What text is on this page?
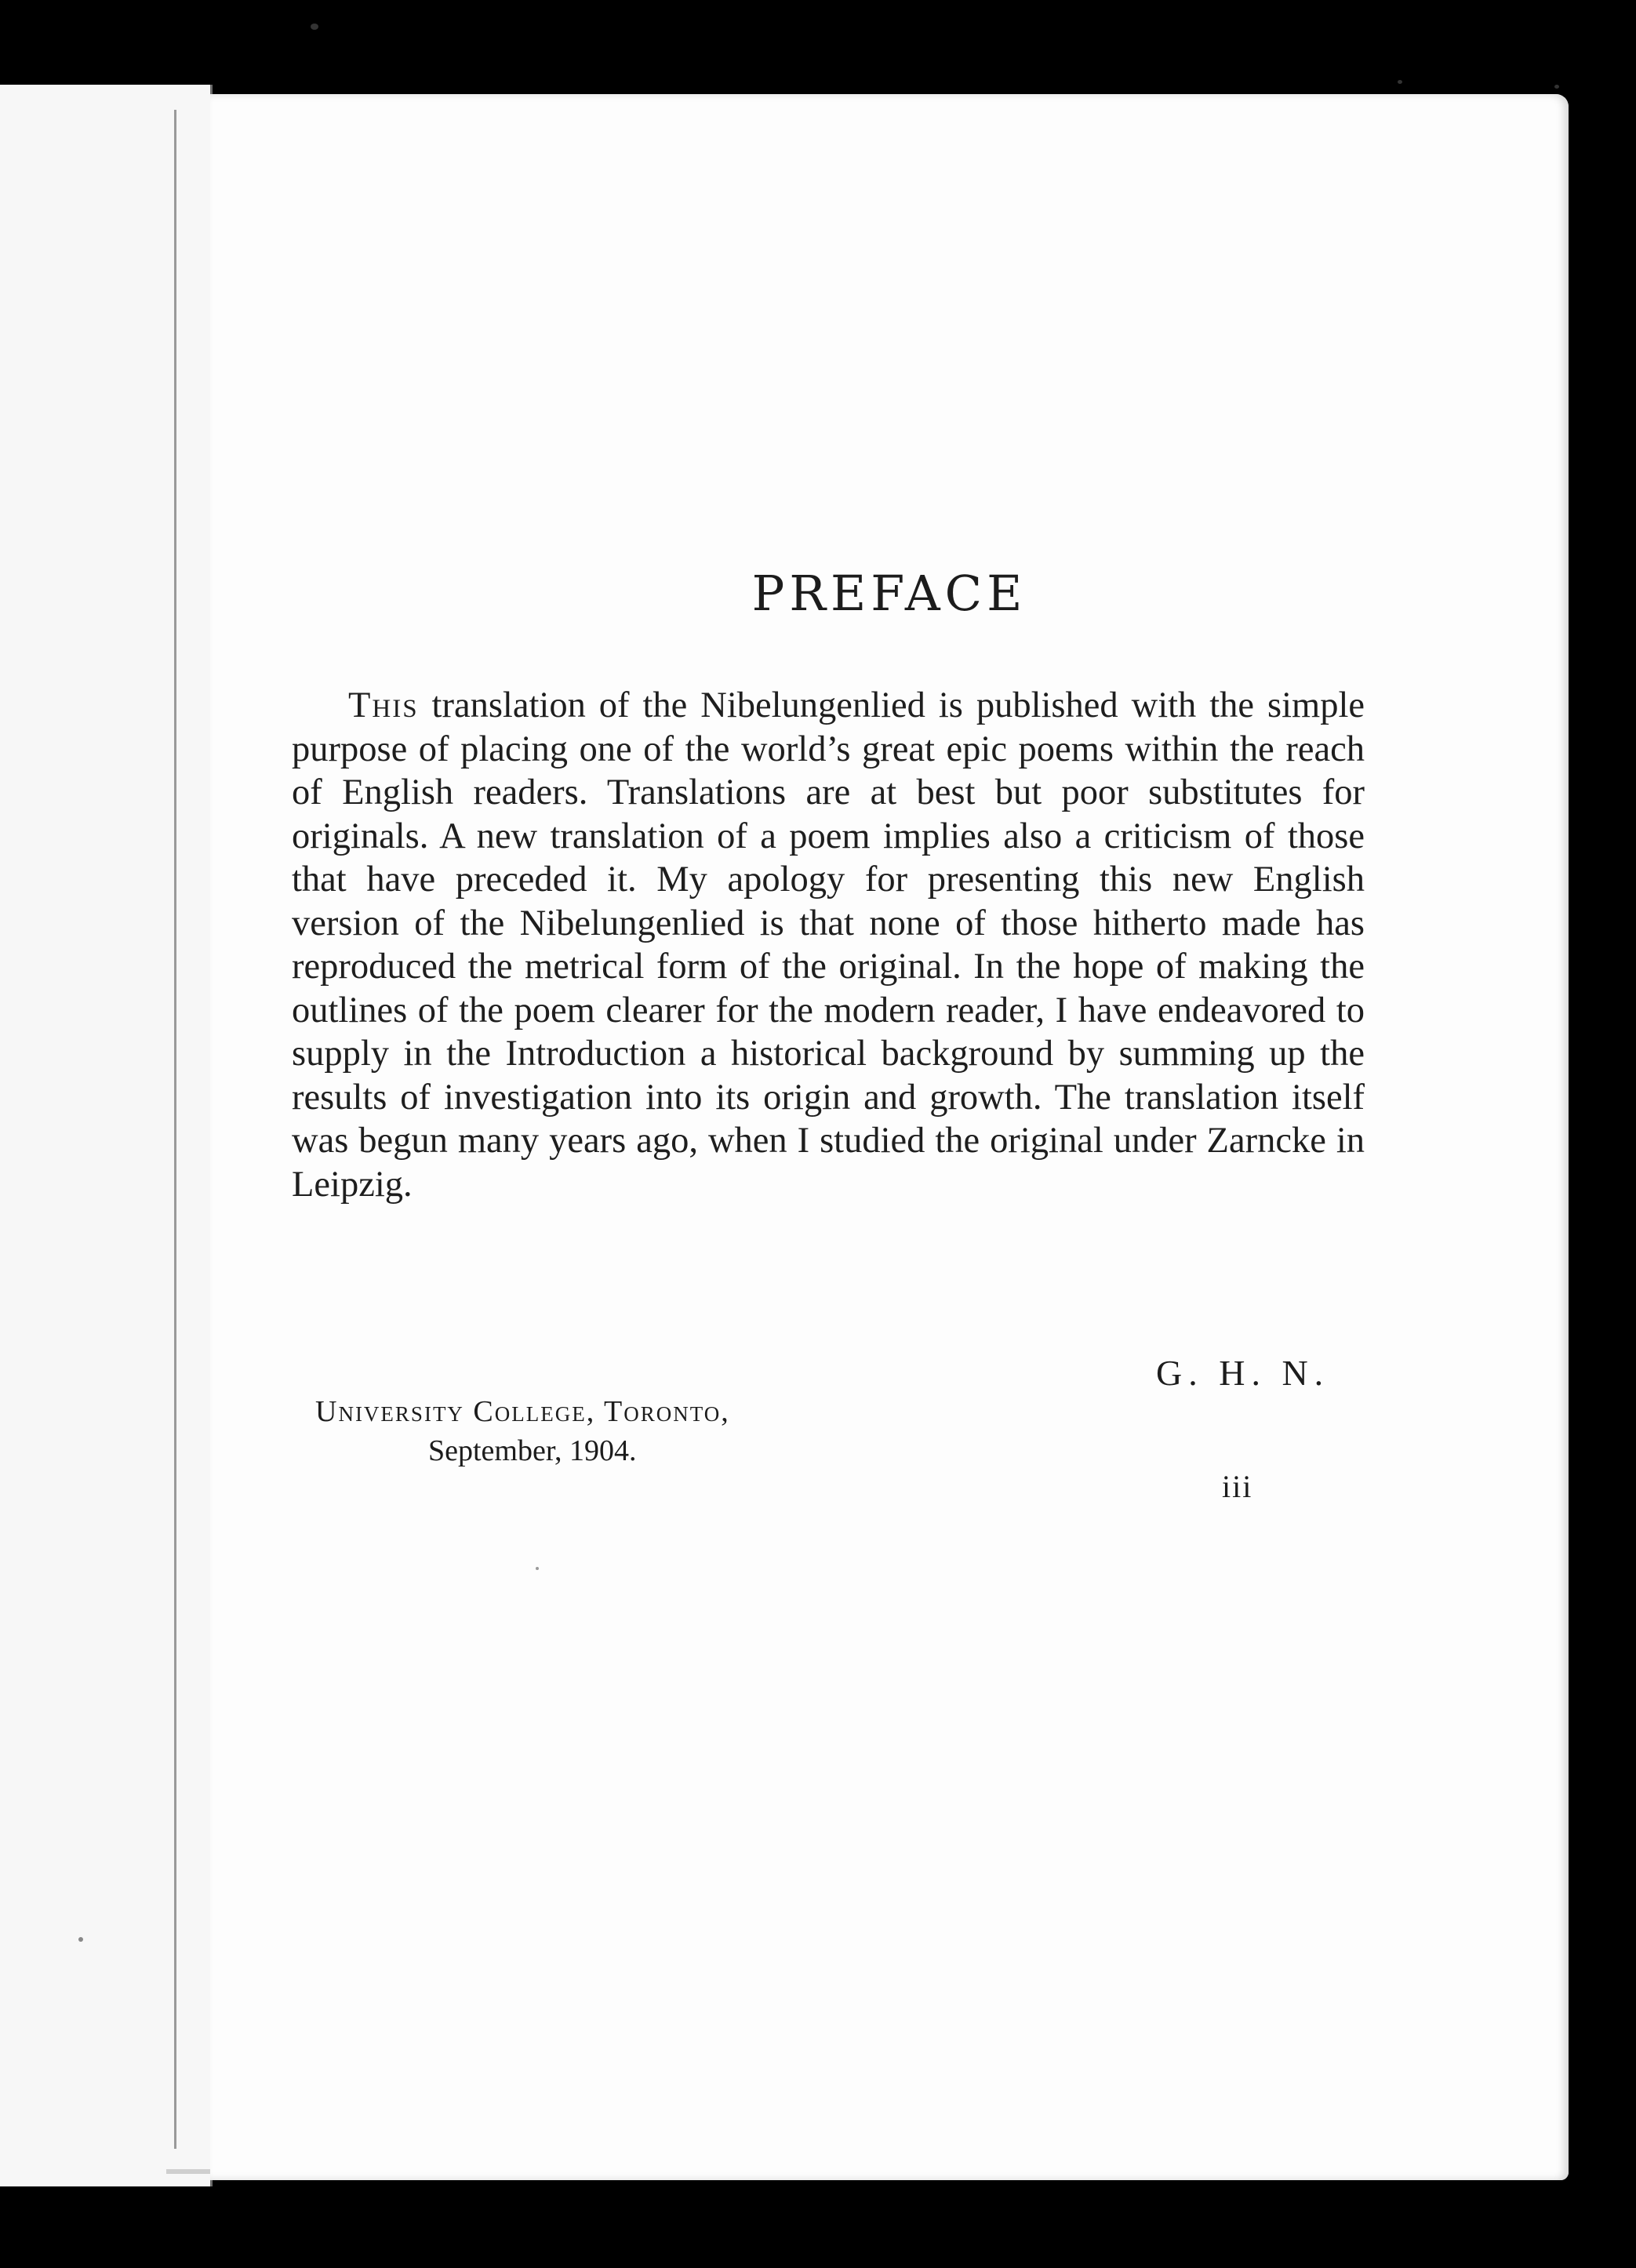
PREFACE

This translation of the Nibelungenlied is published with the simple purpose of placing one of the world’s great epic poems within the reach of English readers. Translations are at best but poor substitutes for originals. A new translation of a poem implies also a criticism of those that have preceded it. My apology for presenting this new English version of the Nibelungenlied is that none of those hitherto made has reproduced the metrical form of the original. In the hope of making the outlines of the poem clearer for the modern reader, I have endeavored to supply in the Introduction a historical background by summing up the results of investigation into its origin and growth. The translation itself was begun many years ago, when I studied the original under Zarncke in Leipzig.

G. H. N.

University College, Toronto,

September, 1904.

iii
